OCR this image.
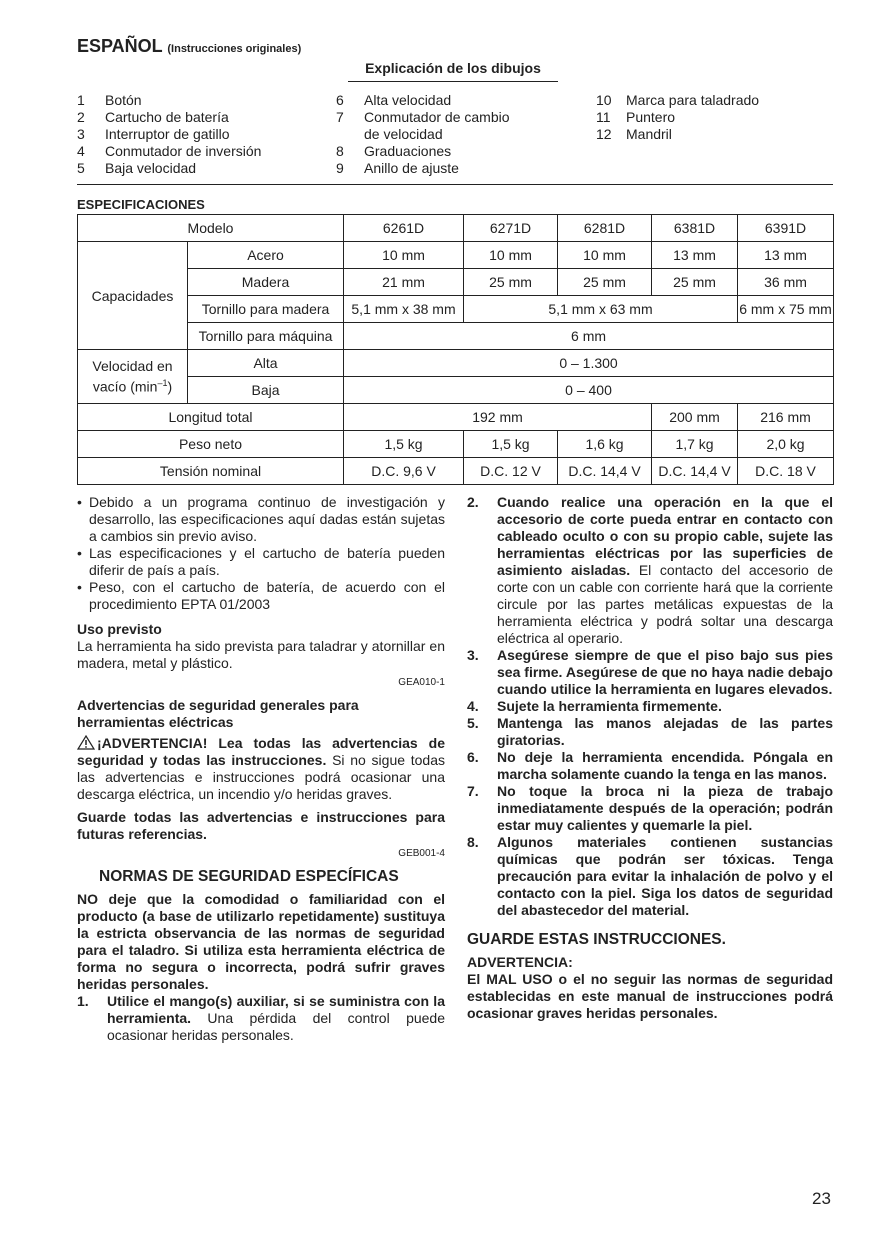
ESPAÑOL (Instrucciones originales)
Explicación de los dibujos
1	Botón
2	Cartucho de batería
3	Interruptor de gatillo
4	Conmutador de inversión
5	Baja velocidad
6	Alta velocidad
7	Conmutador de cambio
de velocidad
8	Graduaciones
9	Anillo de ajuste
10	Marca para taladrado
11	Puntero
12	Mandril
ESPECIFICACIONES
Modelo		6261D	6271D	6281D	6381D	6391D
Capacidades	Acero	10 mm	10 mm	10 mm	13 mm	13 mm
	Madera	21 mm	25 mm	25 mm	25 mm	36 mm
	Tornillo para madera	5,1 mm x 38 mm	5,1 mm x 63 mm			6 mm x 75 mm
	Tornillo para máquina	6 mm				
Velocidad en
vacío $(\min^{-1})$	Alta	0 – 1.300				
	Baja	0 – 400				
Longitud total		192 mm			200 mm	216 mm
Peso neto		1,5 kg	1,5 kg	1,6 kg	1,7 kg	2,0 kg
Tensión nominal		D.C. 9,6 V	D.C. 12 V	D.C. 14,4 V	D.C. 14,4 V	D.C. 18 V
• Debido a un programa continuo de investigación y desarrollo, las especificaciones aquí dadas están sujetas a cambios sin previo aviso.
• Las especificaciones y el cartucho de batería pueden diferir de país a país.
• Peso, con el cartucho de batería, de acuerdo con el procedimiento EPTA 01/2003
Uso previsto
La herramienta ha sido prevista para taladrar y atornillar en madera, metal y plástico.
GEA010-1
Advertencias de seguridad generales para herramientas eléctricas
¡ADVERTENCIA! Lea todas las advertencias de seguridad y todas las instrucciones. Si no sigue todas las advertencias e instrucciones podrá ocasionar una descarga eléctrica, un incendio y/o heridas graves.
Guarde todas las advertencias e instrucciones para futuras referencias.
GEB001-4
NORMAS DE SEGURIDAD ESPECÍFICAS
NO deje que la comodidad o familiaridad con el producto (a base de utilizarlo repetidamente) sustituya la estricta observancia de las normas de seguridad para el taladro. Si utiliza esta herramienta eléctrica de forma no segura o incorrecta, podrá sufrir graves heridas personales.
1.	Utilice el mango(s) auxiliar, si se suministra con la herramienta. Una pérdida del control puede ocasionar heridas personales.
2.	Cuando realice una operación en la que el accesorio de corte pueda entrar en contacto con cableado oculto o con su propio cable, sujete las herramientas eléctricas por las superficies de asimiento aisladas. El contacto del accesorio de corte con un cable con corriente hará que la corriente circule por las partes metálicas expuestas de la herramienta eléctrica y podrá soltar una descarga eléctrica al operario.
3.	Asegúrese siempre de que el piso bajo sus pies sea firme. Asegúrese de que no haya nadie debajo cuando utilice la herramienta en lugares elevados.
4.	Sujete la herramienta firmemente.
5.	Mantenga las manos alejadas de las partes giratorias.
6.	No deje la herramienta encendida. Póngala en marcha solamente cuando la tenga en las manos.
7.	No toque la broca ni la pieza de trabajo inmediatamente después de la operación; podrán estar muy calientes y quemarle la piel.
8.	Algunos materiales contienen sustancias químicas que podrán ser tóxicas. Tenga precaución para evitar la inhalación de polvo y el contacto con la piel. Siga los datos de seguridad del abastecedor del material.
GUARDE ESTAS INSTRUCCIONES.
ADVERTENCIA:
El MAL USO o el no seguir las normas de seguridad establecidas en este manual de instrucciones podrá ocasionar graves heridas personales.
23
